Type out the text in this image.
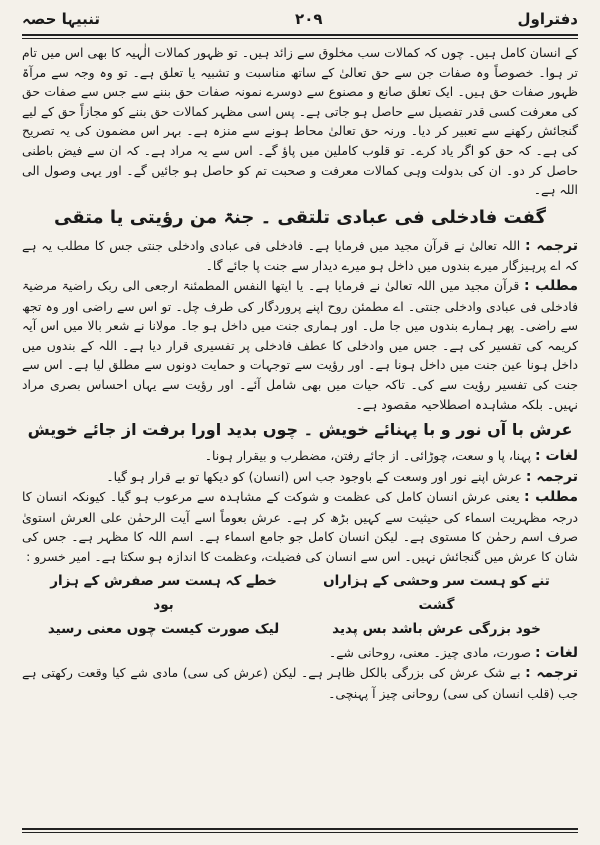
تنبیہا حصہ	۲۰۹	دفتراول

کے انسان کامل ہیں۔ چوں کہ کمالات سب مخلوق سے زائد ہیں۔ تو ظہور کمالات الٰہیہ کا بھی اس میں تام تر ہوا۔ خصوصاً وہ صفات جن سے حق تعالیٰ کے ساتھ مناسبت و تشبیہ یا تعلق ہے۔ تو وہ وجہ سے مرآۃ ظہور صفات حق ہیں۔ ایک تعلق صانع و مصنوع سے دوسرے نمونہ صفات حق بننے سے جس سے صفات حق کی معرفت کسی قدر تفصیل سے حاصل ہو جاتی ہے۔ پس اسی مظہر کمالات حق بننے کو مجازاً حق کے لیے گنجائش رکھنے سے تعبیر کر دیا۔ ورنہ حق تعالیٰ محاط ہونے سے منزہ ہے۔ بہر اس مضمون کی یہ تصریح کی ہے۔ کہ حق کو اگر یاد کرے۔ تو قلوب کاملین میں پاؤ گے۔ اس سے یہ مراد ہے۔ کہ ان سے فیض باطنی حاصل کر دو۔ ان کی بدولت وہی کمالات معرفت و صحبت تم کو حاصل ہو جائیں گے۔ اور یہی وصول الی اللہ ہے۔

گفت فادخلی فی عبادی تلتقی ۔ جنۃ من رؤیتی یا متقی

ترجمہ : اللہ تعالیٰ نے قرآن مجید میں فرمایا ہے۔ فادخلی فی عبادی وادخلی جنتی جس کا مطلب یہ ہے کہ اے پرہیزگار میرے بندوں میں داخل ہو میرے دیدار سے جنت پا جائے گا۔

مطلب : قرآن مجید میں اللہ تعالیٰ نے فرمایا ہے۔ یا ایتھا النفس المطمئنۃ ارجعی الی ربک راضیۃ مرضیۃ فادخلی فی عبادی وادخلی جنتی۔ اے مطمئن روح اپنے پروردگار کی طرف چل۔ تو اس سے راضی اور وہ تجھ سے راضی۔ پھر ہمارے بندوں میں جا مل۔ اور ہماری جنت میں داخل ہو جا۔ مولانا نے شعر بالا میں اس آیہ کریمہ کی تفسیر کی ہے۔ جس میں وادخلی کا عطف فادخلی پر تفسیری قرار دیا ہے۔ اللہ کے بندوں میں داخل ہونا عین جنت میں داخل ہونا ہے۔ اور رؤیت سے توجہات و حمایت دونوں سے مطلق لیا ہے۔ اس سے جنت کی تفسیر رؤیت سے کی۔ تاکہ حیات میں بھی شامل آئے۔ اور رؤیت سے یہاں احساس بصری مراد نہیں۔ بلکہ مشاہدہ اصطلاحیہ مقصود ہے۔

عرش با آں نور و با پہنائے خویش ۔ چوں بدید اورا برفت از جائے خویش

لغات : پہنا، پا و سعت، چوڑائی۔ از جائے رفتن، مضطرب و بیقرار ہونا۔

ترجمہ : عرش اپنے نور اور وسعت کے باوجود جب اس (انسان) کو دیکھا تو بے قرار ہو گیا۔

مطلب : یعنی عرش انسان کامل کی عظمت و شوکت کے مشاہدہ سے مرعوب ہو گیا۔ کیونکہ انسان کا درجہ مظہریت اسماء کی حیثیت سے کہیں بڑھ کر ہے۔ عرش بعوماً اسے آیت الرحمٰن علی العرش استویٰ صرف اسم رحمٰن کا مستوی ہے۔ لیکن انسان کامل جو جامع اسماء ہے۔ اسم اللہ کا مظہر ہے۔ جس کی شان کا عرش میں گنجائش نہیں۔ اس سے انسان کی فضیلت، وعظمت کا اندازہ ہو سکتا ہے۔ امیر خسرو :

تنے کو ہست سر وحشی کے ہزاراں گشت
خطے کہ ہست سر صفرش کے ہزار بود
خود بزرگی عرش باشد بس پدید
لیک صورت کیست چوں معنی رسید

لغات : صورت، مادی چیز۔ معنی، روحانی شے۔

ترجمہ : بے شک عرش کی بزرگی بالکل ظاہر ہے۔ لیکن (عرش کی سی) مادی شے کیا وقعت رکھتی ہے جب (قلب انسان کی سی) روحانی چیز آ پہنچی۔
